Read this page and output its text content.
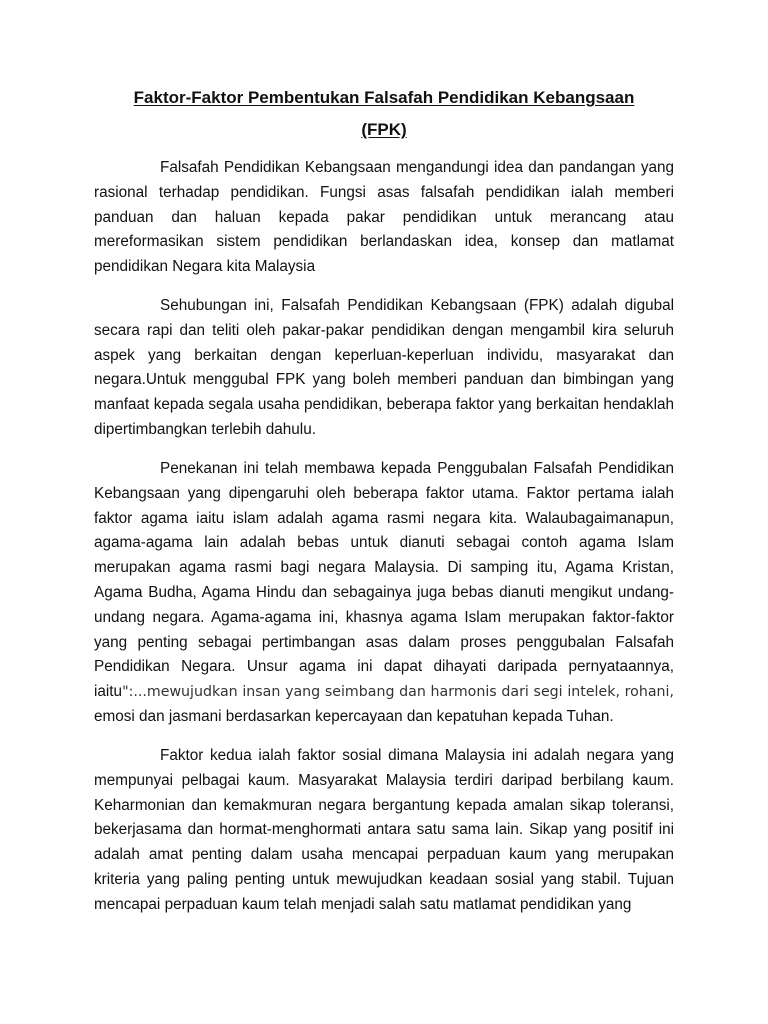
Faktor-Faktor Pembentukan Falsafah Pendidikan Kebangsaan
(FPK)

Falsafah Pendidikan Kebangsaan mengandungi idea dan pandangan yang rasional terhadap pendidikan. Fungsi asas falsafah pendidikan ialah memberi panduan dan haluan kepada pakar pendidikan untuk merancang atau mereformasikan sistem pendidikan berlandaskan idea, konsep dan matlamat pendidikan Negara kita Malaysia

Sehubungan ini, Falsafah Pendidikan Kebangsaan (FPK) adalah digubal secara rapi dan teliti oleh pakar-pakar pendidikan dengan mengambil kira seluruh aspek yang berkaitan dengan keperluan-keperluan individu, masyarakat dan negara.Untuk menggubal FPK yang boleh memberi panduan dan bimbingan yang manfaat kepada segala usaha pendidikan, beberapa faktor yang berkaitan hendaklah dipertimbangkan terlebih dahulu.

Penekanan ini telah membawa kepada Penggubalan Falsafah Pendidikan Kebangsaan yang dipengaruhi oleh beberapa faktor utama. Faktor pertama ialah faktor agama iaitu islam adalah agama rasmi negara kita. Walaubagaimanapun, agama-agama lain adalah bebas untuk dianuti sebagai contoh agama Islam merupakan agama rasmi bagi negara Malaysia. Di samping itu, Agama Kristan, Agama Budha, Agama Hindu dan sebagainya juga bebas dianuti mengikut undang-undang negara. Agama-agama ini, khasnya agama Islam merupakan faktor-faktor yang penting sebagai pertimbangan asas dalam proses penggubalan Falsafah Pendidikan Negara. Unsur agama ini dapat dihayati daripada pernyataannya, iaitu":...mewujudkan insan yang seimbang dan harmonis dari segi intelek, rohani, emosi dan jasmani berdasarkan kepercayaan dan kepatuhan kepada Tuhan.

Faktor kedua ialah faktor sosial dimana Malaysia ini adalah negara yang mempunyai pelbagai kaum. Masyarakat Malaysia terdiri daripad berbilang kaum. Keharmonian dan kemakmuran negara bergantung kepada amalan sikap toleransi, bekerjasama dan hormat-menghormati antara satu sama lain. Sikap yang positif ini adalah amat penting dalam usaha mencapai perpaduan kaum yang merupakan kriteria yang paling penting untuk mewujudkan keadaan sosial yang stabil. Tujuan mencapai perpaduan kaum telah menjadi salah satu matlamat pendidikan yang
